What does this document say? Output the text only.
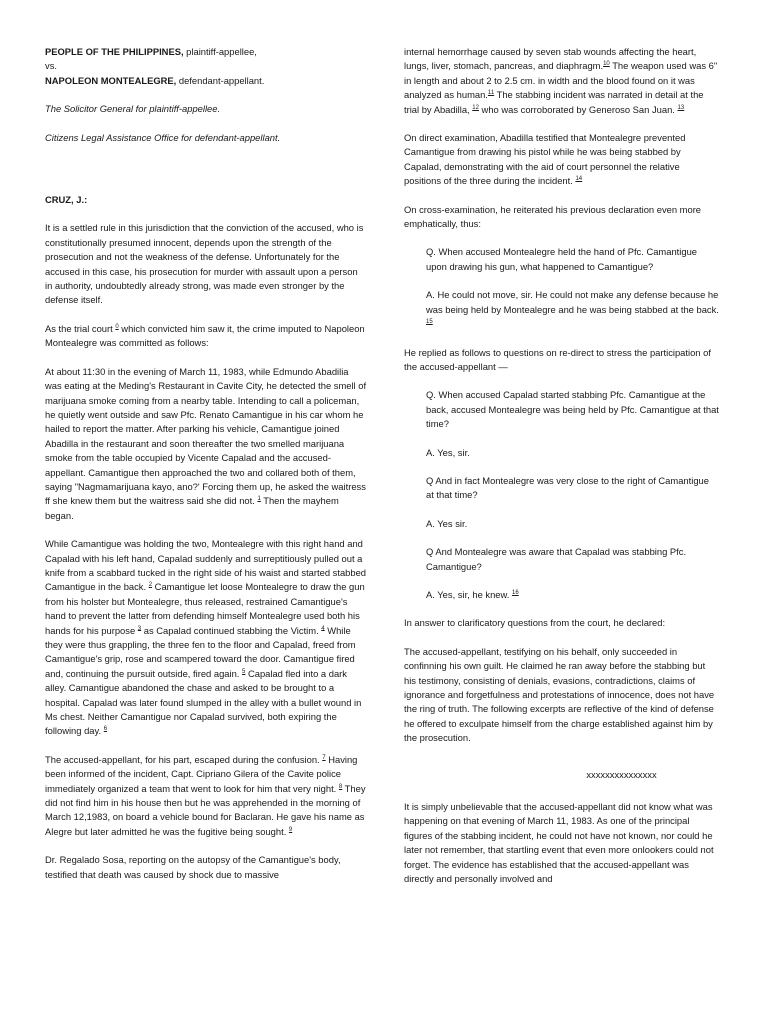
PEOPLE OF THE PHILIPPINES, plaintiff-appellee,
vs.
NAPOLEON MONTEALEGRE, defendant-appellant.

The Solicitor General for plaintiff-appellee.

Citizens Legal Assistance Office for defendant-appellant.

CRUZ, J.:

It is a settled rule in this jurisdiction that the conviction of the accused, who is constitutionally presumed innocent, depends upon the strength of the prosecution and not the weakness of the defense. Unfortunately for the accused in this case, his prosecution for murder with assault upon a person in authority, undoubtedly already strong, was made even stronger by the defense itself.

As the trial court $^0$ which convicted him saw it, the crime imputed to Napoleon Montealegre was committed as follows:

At about 11:30 in the evening of March 11, 1983, while Edmundo Abadilia was eating at the Meding's Restaurant in Cavite City, he detected the smell of marijuana smoke coming from a nearby table. Intending to call a policeman, he quietly went outside and saw Pfc. Renato Camantigue in his car whom he hailed to report the matter. After parking his vehicle, Camantigue joined Abadilla in the restaurant and soon thereafter the two smelled marijuana smoke from the table occupied by Vicente Capalad and the accused-appellant. Camantigue then approached the two and collared both of them, saying "Nagmamarijuana kayo, ano?' Forcing them up, he asked the waitress ff she knew them but the waitress said she did not. $^1$ Then the mayhem began.

While Camantigue was holding the two, Montealegre with this right hand and Capalad with his left hand, Capalad suddenly and surreptitiously pulled out a knife from a scabbard tucked in the right side of his waist and started stabbed Camantigue in the back. $^2$ Camantigue let loose Montealegre to draw the gun from his holster but Montealegre, thus released, restrained Camantigue's hand to prevent the latter from defending himself Montealegre used both his hands for his purpose $^3$ as Capalad continued stabbing the Victim. $^4$ While they were thus grappling, the three fen to the floor and Capalad, freed from Camantigue's grip, rose and scampered toward the door. Camantigue fired and, continuing the pursuit outside, fired again. $^5$ Capalad fled into a dark alley. Camantigue abandoned the chase and asked to be brought to a hospital. Capalad was later found slumped in the alley with a bullet wound in Ms chest. Neither Camantigue nor Capalad survived, both expiring the following day. $^6$

The accused-appellant, for his part, escaped during the confusion. $^7$ Having been informed of the incident, Capt. Cipriano Gilera of the Cavite police immediately organized a team that went to look for him that very night. $^8$ They did not find him in his house then but he was apprehended in the morning of March 12,1983, on board a vehicle bound for Baclaran. He gave his name as Alegre but later admitted he was the fugitive being sought. $^9$

Dr. Regalado Sosa, reporting on the autopsy of the Camantigue's body, testified that death was caused by shock due to massive

internal hemorrhage caused by seven stab wounds affecting the heart, lungs, liver, stomach, pancreas, and diaphragm.$^{10}$ The weapon used was 6" in length and about 2 to 2.5 cm. in width and the blood found on it was analyzed as human.$^{11}$ The stabbing incident was narrated in detail at the trial by Abadilla, $^{12}$ who was corroborated by Generoso San Juan. $^{13}$

On direct examination, Abadilla testified that Montealegre prevented Camantigue from drawing his pistol while he was being stabbed by Capalad, demonstrating with the aid of court personnel the relative positions of the three during the incident. $^{14}$

On cross-examination, he reiterated his previous declaration even more emphatically, thus:

Q. When accused Montealegre held the hand of Pfc. Camantigue upon drawing his gun, what happened to Camantigue?

A. He could not move, sir. He could not make any defense because he was being held by Montealegre and he was being stabbed at the back. $^{15}$

He replied as follows to questions on re-direct to stress the participation of the accused-appellant —

Q. When accused Capalad started stabbing Pfc. Camantigue at the back, accused Montealegre was being held by Pfc. Camantigue at that time?

A. Yes, sir.

Q And in fact Montealegre was very close to the right of Camantigue at that time?

A. Yes sir.

Q And Montealegre was aware that Capalad was stabbing Pfc. Camantigue?

A. Yes, sir, he knew. $^{16}$

In answer to clarificatory questions from the court, he declared:

The accused-appellant, testifying on his behalf, only succeeded in confinning his own guilt. He claimed he ran away before the stabbing but his testimony, consisting of denials, evasions, contradictions, claims of ignorance and forgetfulness and protestations of innocence, does not have the ring of truth. The following excerpts are reflective of the kind of defense he offered to exculpate himself from the charge established against him by the prosecution.

xxxxxxxxxxxxxxx

It is simply unbelievable that the accused-appellant did not know what was happening on that evening of March 11, 1983. As one of the principal figures of the stabbing incident, he could not have not known, nor could he later not remember, that startling event that even more onlookers could not forget. The evidence has established that the accused-appellant was directly and personally involved and
